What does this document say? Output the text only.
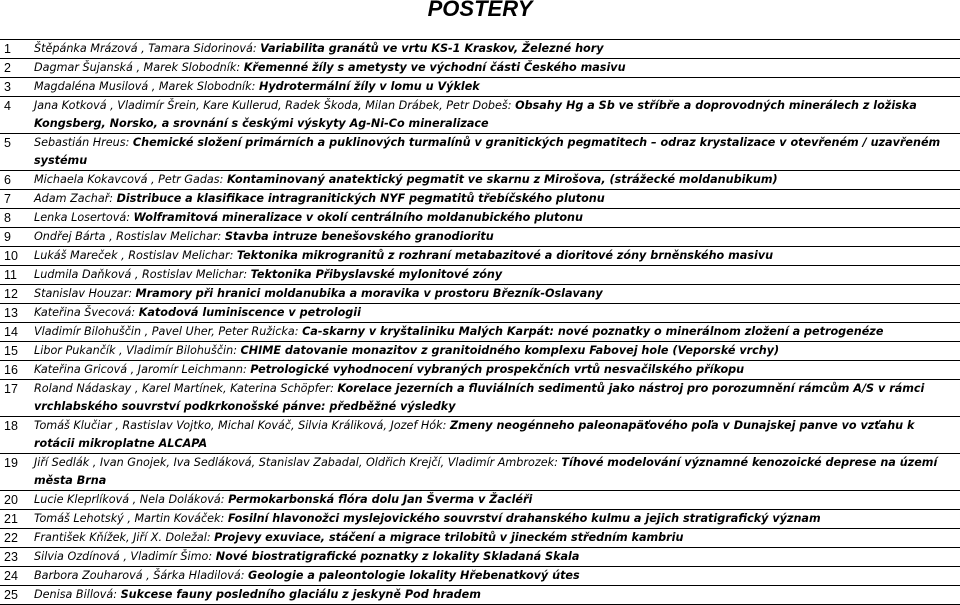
POSTERY
1	Štěpánka Mrázová , Tamara Sidorinová: Variabilita granátů ve vrtu KS-1 Kraskov, Železné hory
2	Dagmar Šujanská , Marek Slobodník: Křemenné žíly s ametysty ve východní části Českého masivu
3	Magdaléna Musilová , Marek Slobodník: Hydrotermální žíly v lomu u Výklek
4	Jana Kotková , Vladimír Šrein, Kare Kullerud, Radek Škoda, Milan Drábek, Petr Dobeš: Obsahy Hg a Sb ve stříbře a doprovodných minerálech z ložiska Kongsberg, Norsko, a srovnání s českými výskyty Ag-Ni-Co mineralizace
5	Sebastián Hreus: Chemické složení primárních a puklinových turmalínů v granitických pegmatitech – odraz krystalizace v otevřeném / uzavřeném systému
6	Michaela Kokavcová , Petr Gadas: Kontaminovaný anatektický pegmatit ve skarnu z Mirošova, (strážecké moldanubikum)
7	Adam Zachař: Distribuce a klasifikace intragranitických NYF pegmatitů třebíčského plutonu
8	Lenka Losertová: Wolframitová mineralizace v okolí centrálního moldanubického plutonu
9	Ondřej Bárta , Rostislav Melichar: Stavba intruze benešovského granodioritu
10	Lukáš Mareček , Rostislav Melichar: Tektonika mikrogranitů z rozhraní metabazitové a dioritové zóny brněnského masivu
11	Ludmila Daňková , Rostislav Melichar: Tektonika Přibyslavské mylonitové zóny
12	Stanislav Houzar: Mramory při hranici moldanubika a moravika v prostoru Březník-Oslavany
13	Kateřina Švecová: Katodová luminiscence v petrologii
14	Vladimír Bilohuščin , Pavel Uher, Peter Ružicka: Ca-skarny v kryštaliniku Malých Karpát: nové poznatky o minerálnom zložení a petrogenéze
15	Libor Pukančík , Vladimír Bilohuščin: CHIME datovanie monazitov z granitoidného komplexu Fabovej hole (Veporské vrchy)
16	Kateřina Gricová , Jaromír Leichmann: Petrologické vyhodnocení vybraných prospekčních vrtů nesvačilského příkopu
17	Roland Nádaskay , Karel Martínek, Katerina Schöpfer: Korelace jezerních a fluviálních sedimentů jako nástroj pro porozumnění rámcům A/S v rámci vrchlabského souvrství podkrkonošské pánve: předběžné výsledky
18	Tomáš Klučiar , Rastislav Vojtko, Michal Kováč, Silvia Králiková, Jozef Hók: Zmeny neogénneho paleonapäťového poľa v Dunajskej panve vo vzťahu k rotácii mikroplatne ALCAPA
19	Jiří Sedlák , Ivan Gnojek, Iva Sedláková, Stanislav Zabadal, Oldřich Krejčí, Vladimír Ambrozek: Tíhové modelování významné kenozoické deprese na území města Brna
20	Lucie Kleprlíková , Nela Doláková: Permokarbonská flóra dolu Jan Šverma v Žacléři
21	Tomáš Lehotský , Martin Kováček: Fosilní hlavonožci myslejovického souvrství drahanského kulmu a jejich stratigrafický význam
22	František Kňížek, Jiří X. Doležal: Projevy exuviace, stáčení a migrace trilobitů v jineckém středním kambriu
23	Silvia Ozdínová , Vladimír Šimo: Nové biostratigrafické poznatky z lokality Skladaná Skala
24	Barbora Zouharová , Šárka Hladilová: Geologie a paleontologie lokality Hřebenatkový útes
25	Denisa Billová: Sukcese fauny posledního glaciálu z jeskyně Pod hradem
